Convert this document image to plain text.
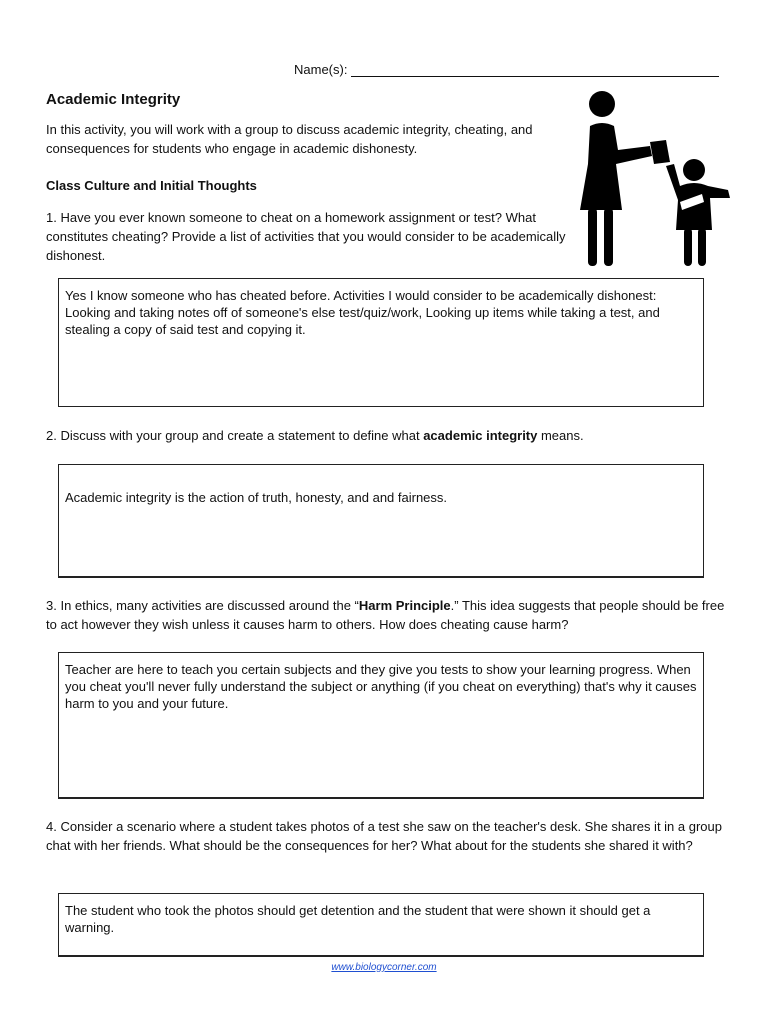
Name(s):
Academic Integrity
In this activity, you will work with a group to discuss academic integrity, cheating, and consequences for students who engage in academic dishonesty.
Class Culture and Initial Thoughts
1. Have you ever known someone to cheat on a homework assignment or test? What constitutes cheating? Provide a list of activities that you would consider to be academically dishonest.
Yes I know someone who has cheated before. Activities I would consider to be academically dishonest: Looking and taking notes off of someone's else test/quiz/work, Looking up items while taking a test, and stealing a copy of said test and copying it.
2. Discuss with your group and create a statement to define what academic integrity means.
Academic integrity is the action of truth, honesty, and and fairness.
3. In ethics, many activities are discussed around the “Harm Principle.” This idea suggests that people should be free to act however they wish unless it causes harm to others. How does cheating cause harm?
Teacher are here to teach you certain subjects and they give you tests to show your learning progress. When you cheat you'll never fully understand the subject or anything (if you cheat on everything) that's why it causes harm to you and your future.
4. Consider a scenario where a student takes photos of a test she saw on the teacher's desk. She shares it in a group chat with her friends. What should be the consequences for her? What about for the students she shared it with?
The student who took the photos should get detention and the student that were shown it should get a warning.
www.biologycorner.com
